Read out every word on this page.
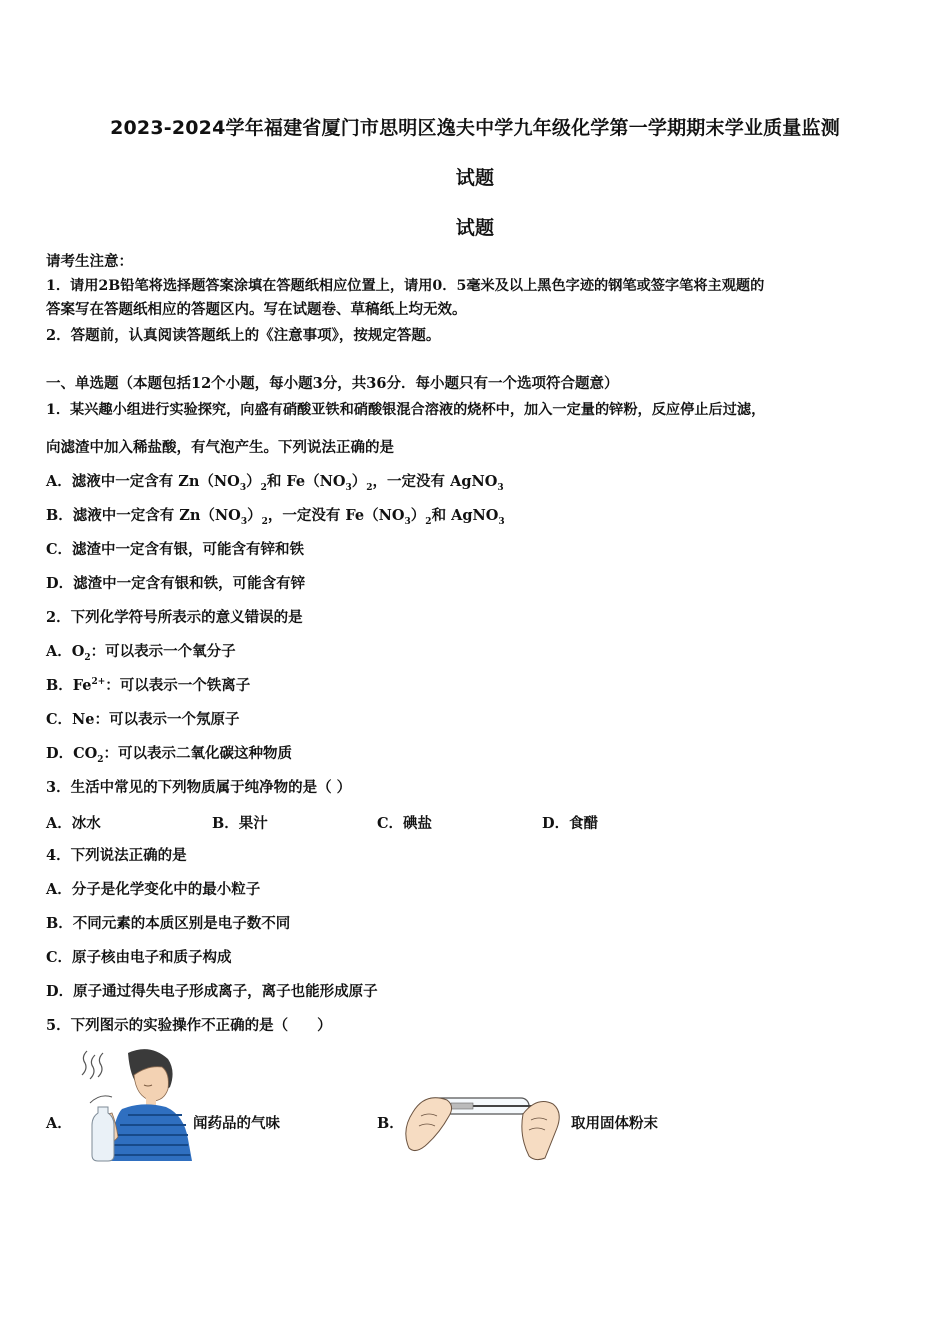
2023-2024学年福建省厦门市思明区逸夫中学九年级化学第一学期期末学业质量监测
试题
试题
请考生注意：
1．请用2B铅笔将选择题答案涂填在答题纸相应位置上，请用0．5毫米及以上黑色字迹的钢笔或签字笔将主观题的
答案写在答题纸相应的答题区内。写在试题卷、草稿纸上均无效。
2．答题前，认真阅读答题纸上的《注意事项》，按规定答题。
一、单选题（本题包括12个小题，每小题3分，共36分．每小题只有一个选项符合题意）
1．某兴趣小组进行实验探究，向盛有硝酸亚铁和硝酸银混合溶液的烧杯中，加入一定量的锌粉，反应停止后过滤，
向滤渣中加入稀盐酸，有气泡产生。下列说法正确的是
A．滤液中一定含有 $Zn(NO_3)_2$和 $Fe(NO_3)_2$，一定没有 AgNO$_3$
B．滤液中一定含有 $Zn(NO_3)_2$，一定没有 $Fe(NO_3)_2$和 AgNO$_3$
C．滤渣中一定含有银，可能含有锌和铁
D．滤渣中一定含有银和铁，可能含有锌
2．下列化学符号所表示的意义错误的是
A．$O_2$：可以表示一个氧分子
B．$Fe^{2+}$：可以表示一个铁离子
C．Ne：可以表示一个氖原子
D．$CO_2$：可以表示二氧化碳这种物质
3．生活中常见的下列物质属于纯净物的是（ ）
A．冰水	B．果汁	C．碘盐	D．食醋
4．下列说法正确的是
A．分子是化学变化中的最小粒子
B．不同元素的本质区别是电子数不同
C．原子核由电子和质子构成
D．原子通过得失电子形成离子，离子也能形成原子
5．下列图示的实验操作不正确的是（　　）
A．	闻药品的气味	B．	取用固体粉末
